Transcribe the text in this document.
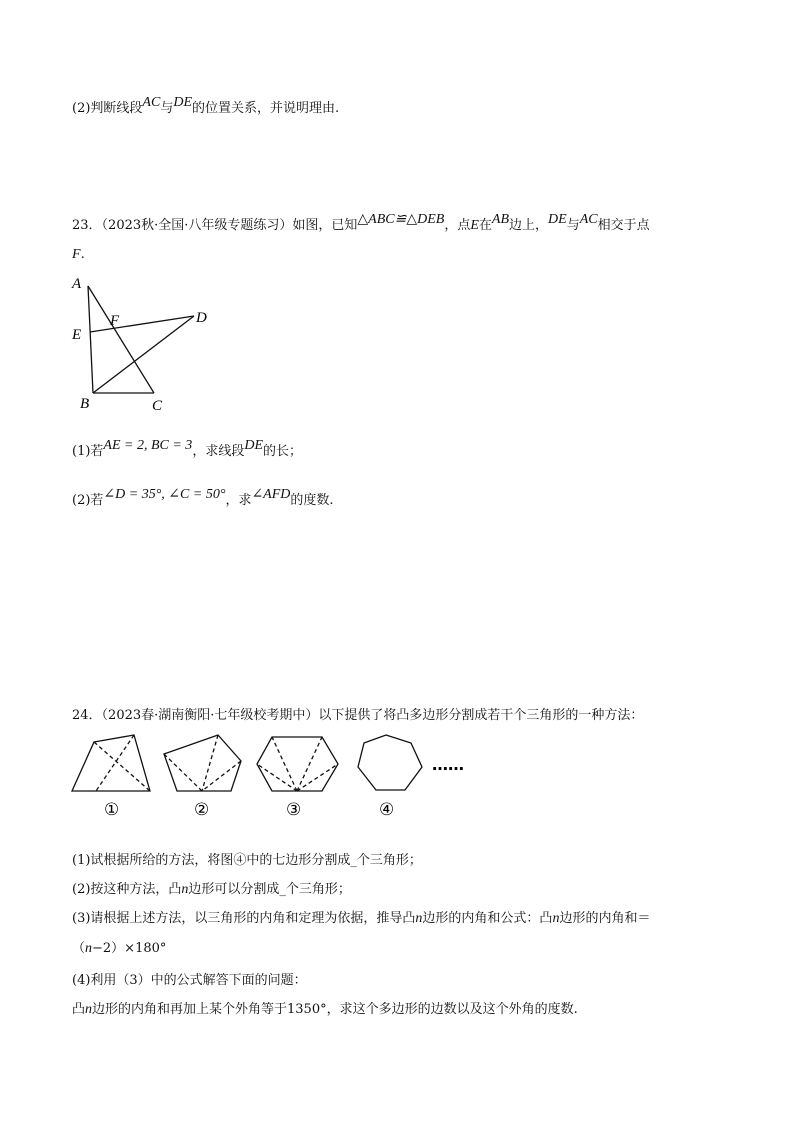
(2)判断线段AC与DE的位置关系，并说明理由.
23．（2023秋·全国·八年级专题练习）如图，已知△ABC≌△DEB，点E在AB边上，DE与AC相交于点
F.
A
E
F	D
B	C
(1)若AE = 2, BC = 3，求线段DE的长；
(2)若∠D = 35°, ∠C = 50°，求∠AFD的度数.
24．（2023春·湖南衡阳·七年级校考期中）以下提供了将凸多边形分割成若干个三角形的一种方法：
……
①	②	③	④
(1)试根据所给的方法，将图④中的七边形分割成_个三角形；
(2)按这种方法，凸n边形可以分割成_个三角形；
(3)请根据上述方法，以三角形的内角和定理为依据，推导凸n边形的内角和公式：凸n边形的内角和＝
（n−2）×180°
(4)利用（3）中的公式解答下面的问题：
凸n边形的内角和再加上某个外角等于1350°，求这个多边形的边数以及这个外角的度数.
